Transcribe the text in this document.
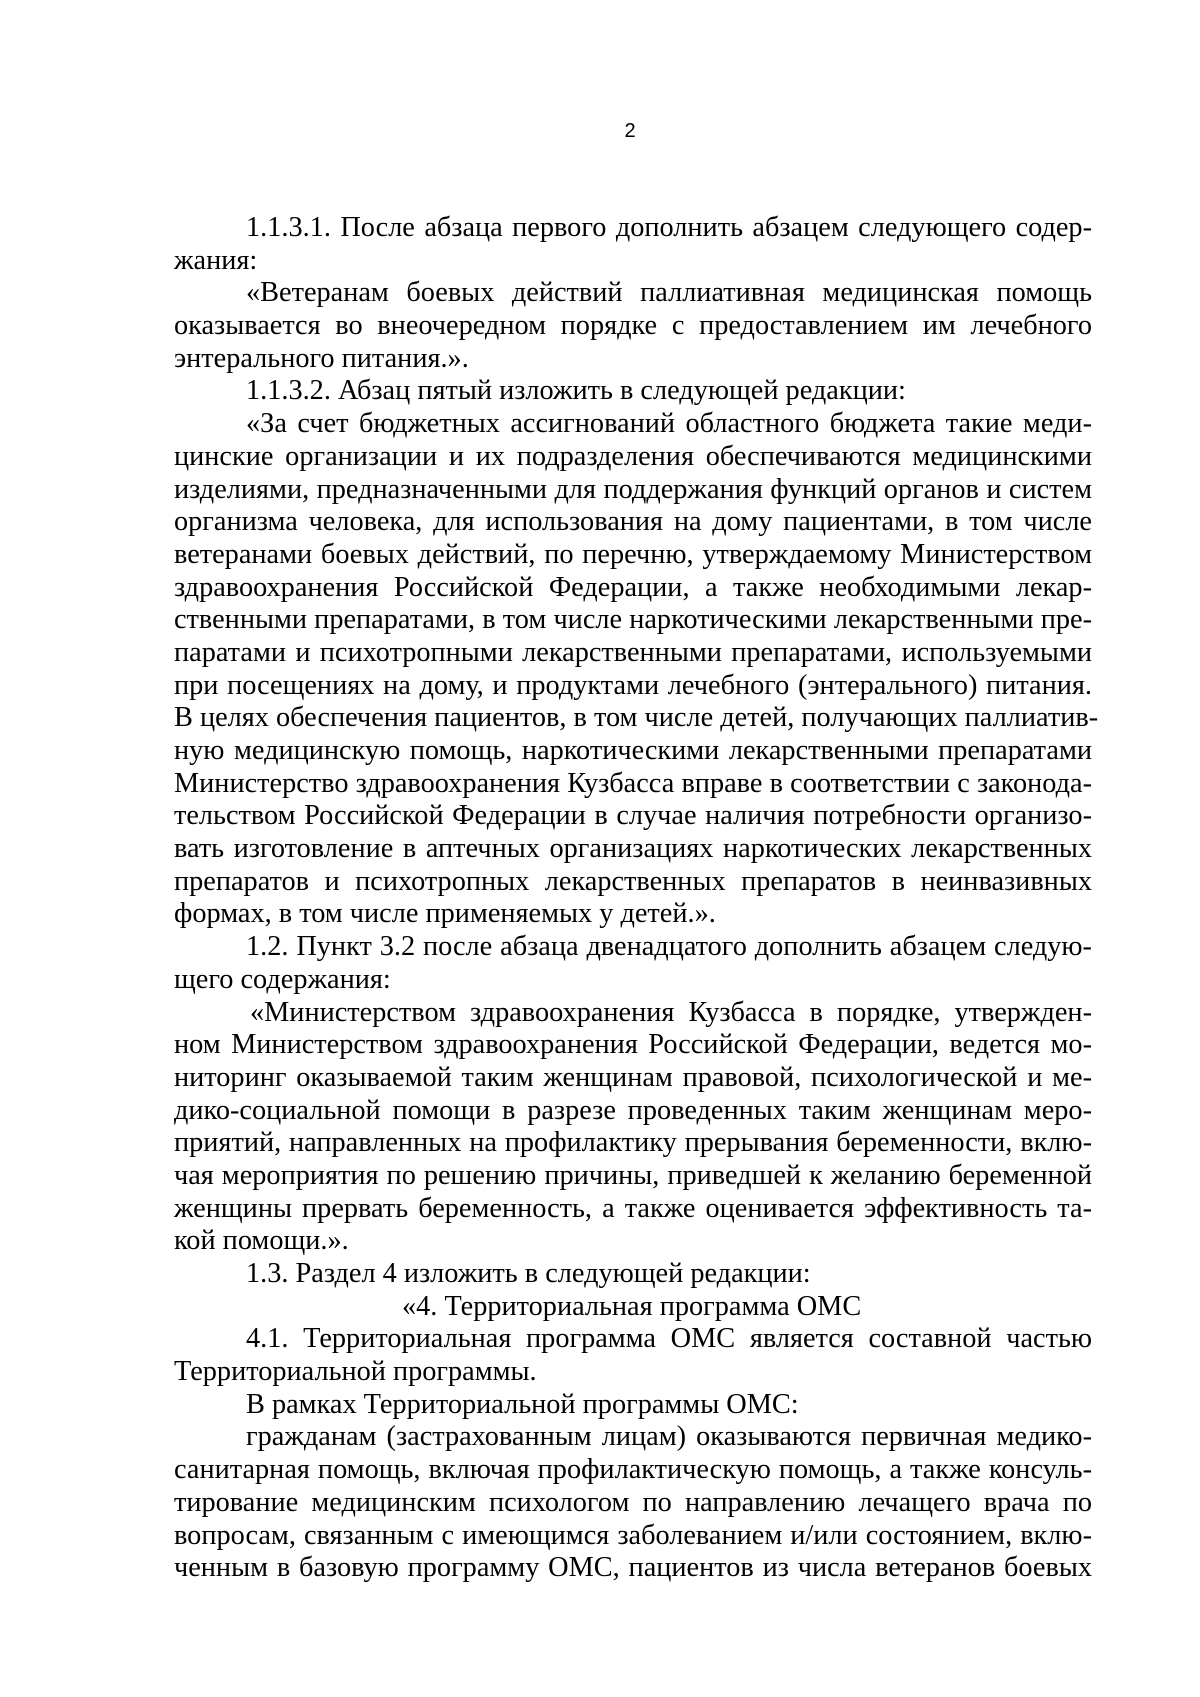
2
1.1.3.1. После абзаца первого дополнить абзацем следующего содер-
жания:
«Ветеранам боевых действий паллиативная медицинская помощь
оказывается во внеочередном порядке с предоставлением им лечебного
энтерального питания.».
1.1.3.2. Абзац пятый изложить в следующей редакции:
«За счет бюджетных ассигнований областного бюджета такие меди-
цинские организации и их подразделения обеспечиваются медицинскими
изделиями, предназначенными для поддержания функций органов и систем
организма человека, для использования на дому пациентами, в том числе
ветеранами боевых действий, по перечню, утверждаемому Министерством
здравоохранения Российской Федерации, а также необходимыми лекар-
ственными препаратами, в том числе наркотическими лекарственными пре-
паратами и психотропными лекарственными препаратами, используемыми
при посещениях на дому, и продуктами лечебного (энтерального) питания.
В целях обеспечения пациентов, в том числе детей, получающих паллиатив-
ную медицинскую помощь, наркотическими лекарственными препаратами
Министерство здравоохранения Кузбасса вправе в соответствии с законода-
тельством Российской Федерации в случае наличия потребности организо-
вать изготовление в аптечных организациях наркотических лекарственных
препаратов и психотропных лекарственных препаратов в неинвазивных
формах, в том числе применяемых у детей.».
1.2. Пункт 3.2 после абзаца двенадцатого дополнить абзацем следую-
щего содержания:
«Министерством здравоохранения Кузбасса в порядке, утвержден-
ном Министерством здравоохранения Российской Федерации, ведется мо-
ниторинг оказываемой таким женщинам правовой, психологической и ме-
дико-социальной помощи в разрезе проведенных таким женщинам меро-
приятий, направленных на профилактику прерывания беременности, вклю-
чая мероприятия по решению причины, приведшей к желанию беременной
женщины прервать беременность, а также оценивается эффективность та-
кой помощи.».
1.3. Раздел 4 изложить в следующей редакции:
«4. Территориальная программа ОМС
4.1. Территориальная программа ОМС является составной частью
Территориальной программы.
В рамках Территориальной программы ОМС:
гражданам (застрахованным лицам) оказываются первичная медико-
санитарная помощь, включая профилактическую помощь, а также консуль-
тирование медицинским психологом по направлению лечащего врача по
вопросам, связанным с имеющимся заболеванием и/или состоянием, вклю-
ченным в базовую программу ОМС, пациентов из числа ветеранов боевых
